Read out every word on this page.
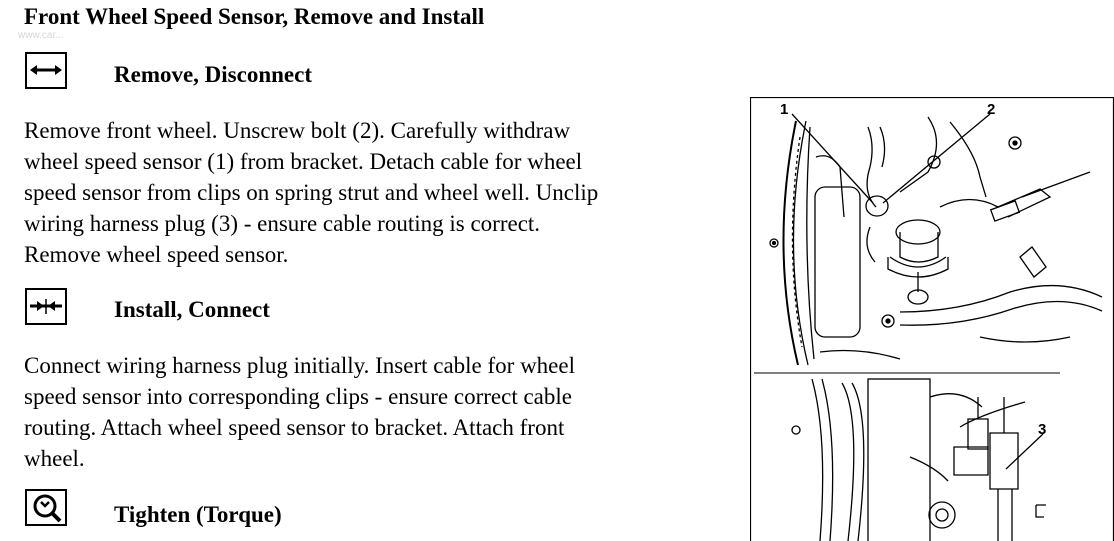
Front Wheel Speed Sensor, Remove and Install
www.car...
Remove, Disconnect
Remove front wheel. Unscrew bolt (2). Carefully withdraw
wheel speed sensor (1) from bracket. Detach cable for wheel
speed sensor from clips on spring strut and wheel well. Unclip
wiring harness plug (3) - ensure cable routing is correct.
Remove wheel speed sensor.
Install, Connect
Connect wiring harness plug initially. Insert cable for wheel
speed sensor into corresponding clips - ensure correct cable
routing. Attach wheel speed sensor to bracket. Attach front
wheel.
Tighten (Torque)
1	2
3
